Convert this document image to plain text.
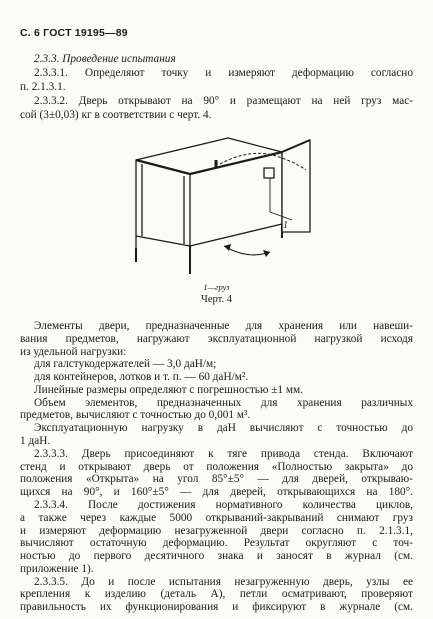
С. 6 ГОСТ 19195—89
2.3.3. Проведение испытания
2.3.3.1. Определяют точку и измеряют деформацию согласно
п. 2.1.3.1.
2.3.3.2. Дверь открывают на 90° и размещают на ней груз мас-
сой (3±0,03) кг в соответствии с черт. 4.
1
1—груз
Черт. 4
Элементы двери, предназначенные для хранения или навеши-
вания предметов, нагружают эксплуатационной нагрузкой исходя
из удельной нагрузки:
для галстукодержателей — 3,0 даН/м;
для контейнеров, лотков и т. п. — 60 даН/м².
Линейные размеры определяют с погрешностью ±1 мм.
Объем элементов, предназначенных для хранения различных
предметов, вычисляют с точностью до 0,001 м³.
Эксплуатационную нагрузку в даН вычисляют с точностью до
1 даН.
2.3.3.3. Дверь присоединяют к тяге привода стенда. Включают
стенд и открывают дверь от положения «Полностью закрыта» до
положения «Открыта» на угол 85°±5° — для дверей, открываю-
щихся на 90°, и 160°±5° — для дверей, открывающихся на 180°.
2.3.3.4. После достижения нормативного количества циклов,
а также через каждые 5000 открываний-закрываний снимают груз
и измеряют деформацию незагруженной двери согласно п. 2.1.3.1,
вычисляют остаточную деформацию. Результат округляют с точ-
ностью до первого десятичного знака и заносят в журнал (см.
приложение 1).
2.3.3.5. До и после испытания незагруженную дверь, узлы ее
крепления к изделию (деталь А), петли осматривают, проверяют
правильность их функционирования и фиксируют в журнале (см.
